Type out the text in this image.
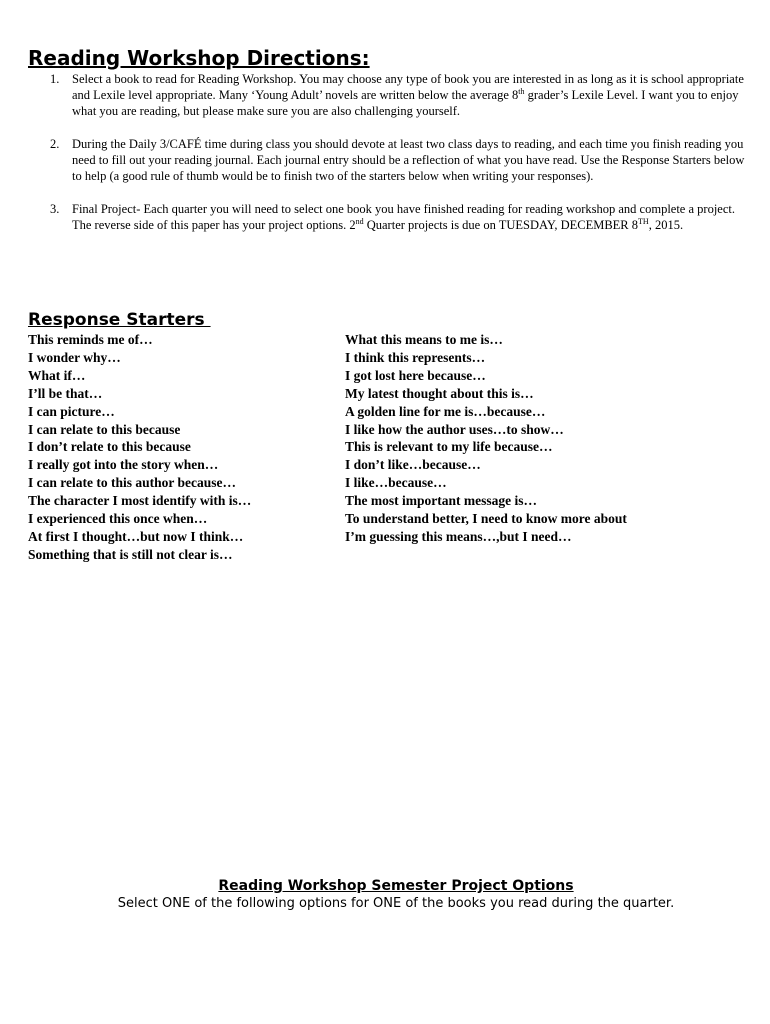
Reading Workshop Directions:
1.	Select a book to read for Reading Workshop. You may choose any type of book you are interested in as long as it is school appropriate and Lexile level appropriate. Many ‘Young Adult’ novels are written below the average 8th grader’s Lexile Level. I want you to enjoy what you are reading, but please make sure you are also challenging yourself.
2.	During the Daily 3/CAFÉ time during class you should devote at least two class days to reading, and each time you finish reading you need to fill out your reading journal. Each journal entry should be a reflection of what you have read. Use the Response Starters below to help (a good rule of thumb would be to finish two of the starters below when writing your responses).
3.	Final Project- Each quarter you will need to select one book you have finished reading for reading workshop and complete a project. The reverse side of this paper has your project options. 2nd Quarter projects is due on TUESDAY, DECEMBER 8TH, 2015.
Response Starters
This reminds me of…
I wonder why…
What if…
I’ll be that…
I can picture…
I can relate to this because
I don’t relate to this because
I really got into the story when…
I can relate to this author because…
The character I most identify with is…
I experienced this once when…
At first I thought…but now I think…
Something that is still not clear is…
What this means to me is…
I think this represents…
I got lost here because…
My latest thought about this is…
A golden line for me is…because…
I like how the author uses…to show…
This is relevant to my life because…
I don’t like…because…
I like…because…
The most important message is…
To understand better, I need to know more about
I’m guessing this means…,but I need…
Reading Workshop Semester Project Options

Select ONE of the following options for ONE of the books you read during the quarter.
